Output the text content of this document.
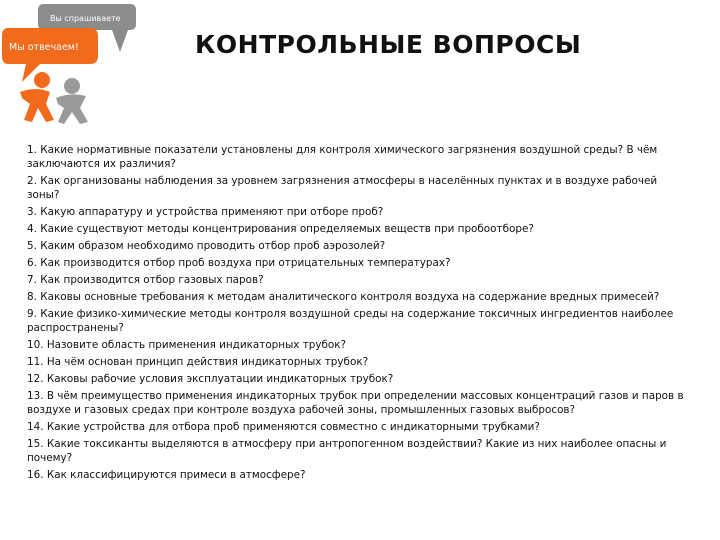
Вы спрашиваете
Мы отвечаем!	КОНТРОЛЬНЫЕ ВОПРОСЫ
1. Какие нормативные показатели установлены для контроля химического загрязнения воздушной среды? В чём заключаются их различия?
2. Как организованы наблюдения за уровнем загрязнения атмосферы в населённых пунктах и в воздухе рабочей зоны?
3. Какую аппаратуру и устройства применяют при отборе проб?
4. Какие существуют методы концентрирования определяемых веществ при пробоотборе?
5. Каким образом необходимо проводить отбор проб аэрозолей?
6. Как производится отбор проб воздуха при отрицательных температурах?
7. Как производится отбор газовых паров?
8. Каковы основные требования к методам аналитического контроля воздуха на содержание вредных примесей?
9. Какие физико-химические методы контроля воздушной среды на содержание токсичных ингредиентов наиболее распространены?
10. Назовите область применения индикаторных трубок?
11. На чём основан принцип действия индикаторных трубок?
12. Каковы рабочие условия эксплуатации индикаторных трубок?
13. В чём преимущество применения индикаторных трубок при определении массовых концентраций газов и паров в воздухе и газовых средах при контроле воздуха рабочей зоны, промышленных газовых выбросов?
14. Какие устройства для отбора проб применяются совместно с индикаторными трубками?
15. Какие токсиканты выделяются в атмосферу при антропогенном воздействии? Какие из них наиболее опасны и почему?
16. Как классифицируются примеси в атмосфере?
